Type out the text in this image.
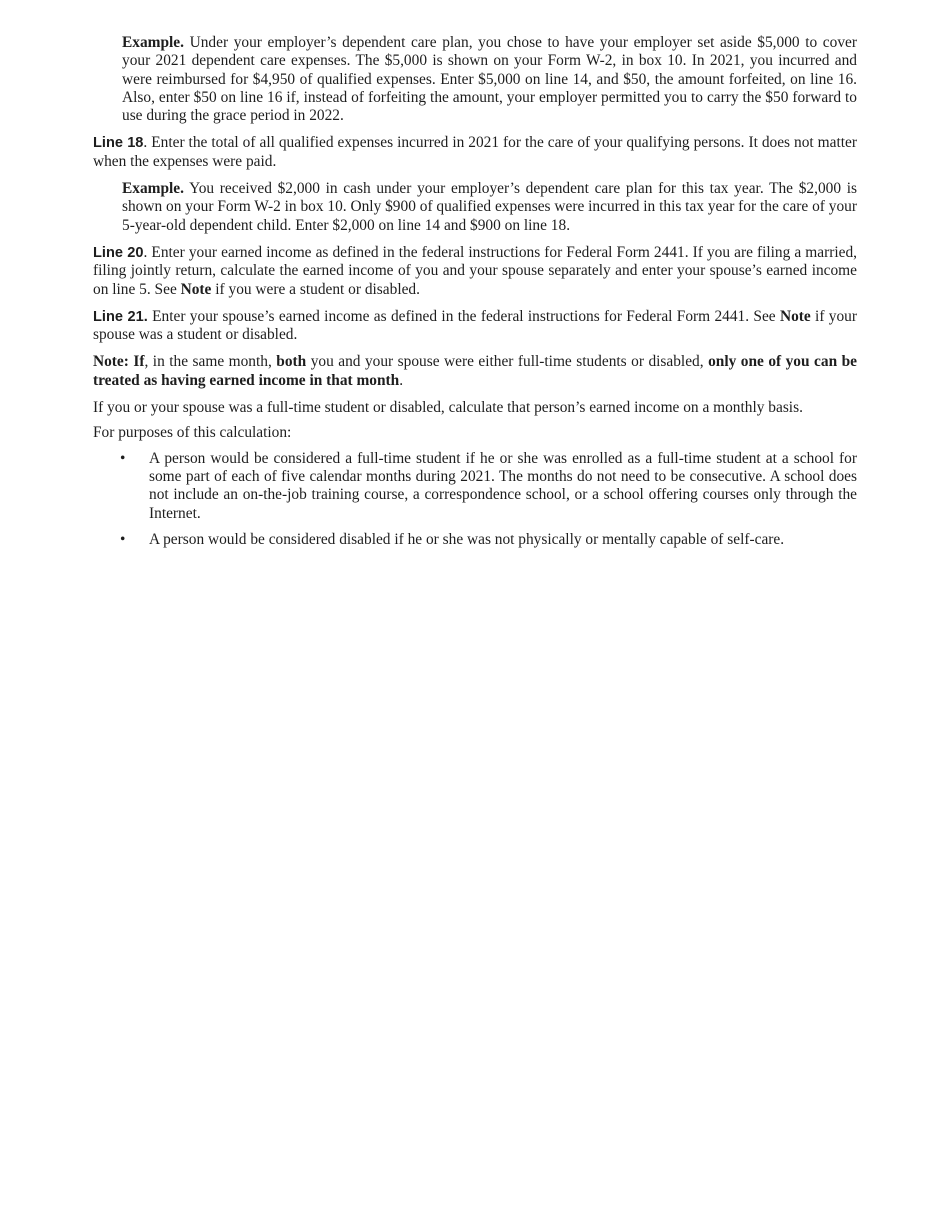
Example. Under your employer’s dependent care plan, you chose to have your employer set aside $5,000 to cover your 2021 dependent care expenses. The $5,000 is shown on your Form W-2, in box 10. In 2021, you incurred and were reimbursed for $4,950 of qualified expenses. Enter $5,000 on line 14, and $50, the amount forfeited, on line 16. Also, enter $50 on line 16 if, instead of forfeiting the amount, your employer permitted you to carry the $50 forward to use during the grace period in 2022.

Line 18. Enter the total of all qualified expenses incurred in 2021 for the care of your qualifying persons. It does not matter when the expenses were paid.

Example. You received $2,000 in cash under your employer’s dependent care plan for this tax year. The $2,000 is shown on your Form W-2 in box 10. Only $900 of qualified expenses were incurred in this tax year for the care of your 5-year-old dependent child. Enter $2,000 on line 14 and $900 on line 18.

Line 20. Enter your earned income as defined in the federal instructions for Federal Form 2441. If you are filing a married, filing jointly return, calculate the earned income of you and your spouse separately and enter your spouse’s earned income on line 5. See Note if you were a student or disabled.

Line 21. Enter your spouse’s earned income as defined in the federal instructions for Federal Form 2441. See Note if your spouse was a student or disabled.

Note: If, in the same month, both you and your spouse were either full-time students or disabled, only one of you can be treated as having earned income in that month.

If you or your spouse was a full-time student or disabled, calculate that person’s earned income on a monthly basis.

For purposes of this calculation:

• A person would be considered a full-time student if he or she was enrolled as a full-time student at a school for some part of each of five calendar months during 2021. The months do not need to be consecutive. A school does not include an on-the-job training course, a correspondence school, or a school offering courses only through the Internet.
• A person would be considered disabled if he or she was not physically or mentally capable of self-care.
